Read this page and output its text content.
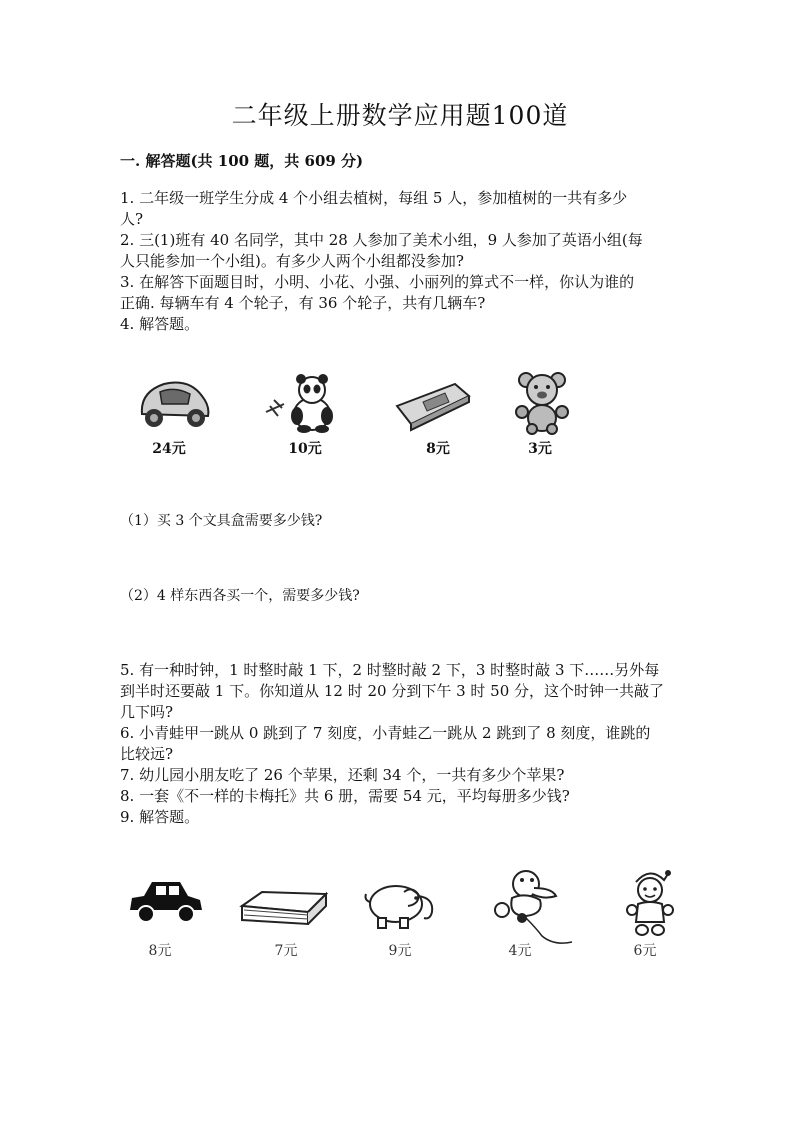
二年级上册数学应用题100道
一. 解答题(共 100 题，共 609 分)
1. 二年级一班学生分成 4 个小组去植树，每组 5 人，参加植树的一共有多少
人?
2. 三(1)班有 40 名同学，其中 28 人参加了美术小组，9 人参加了英语小组(每
人只能参加一个小组)。有多少人两个小组都没参加?
3. 在解答下面题目时，小明、小花、小强、小丽列的算式不一样，你认为谁的
正确. 每辆车有 4 个轮子，有 36 个轮子，共有几辆车?
4. 解答题。
24元	10元	8元	3元
（1）买 3 个文具盒需要多少钱?
（2）4 样东西各买一个，需要多少钱?
5. 有一种时钟，1 时整时敲 1 下，2 时整时敲 2 下，3 时整时敲 3 下……另外每
到半时还要敲 1 下。你知道从 12 时 20 分到下午 3 时 50 分，这个时钟一共敲了
几下吗?
6. 小青蛙甲一跳从 0 跳到了 7 刻度，小青蛙乙一跳从 2 跳到了 8 刻度，谁跳的
比较远?
7. 幼儿园小朋友吃了 26 个苹果，还剩 34 个，一共有多少个苹果?
8. 一套《不一样的卡梅托》共 6 册，需要 54 元，平均每册多少钱?
9. 解答题。
8元	7元	9元	4元	6元
